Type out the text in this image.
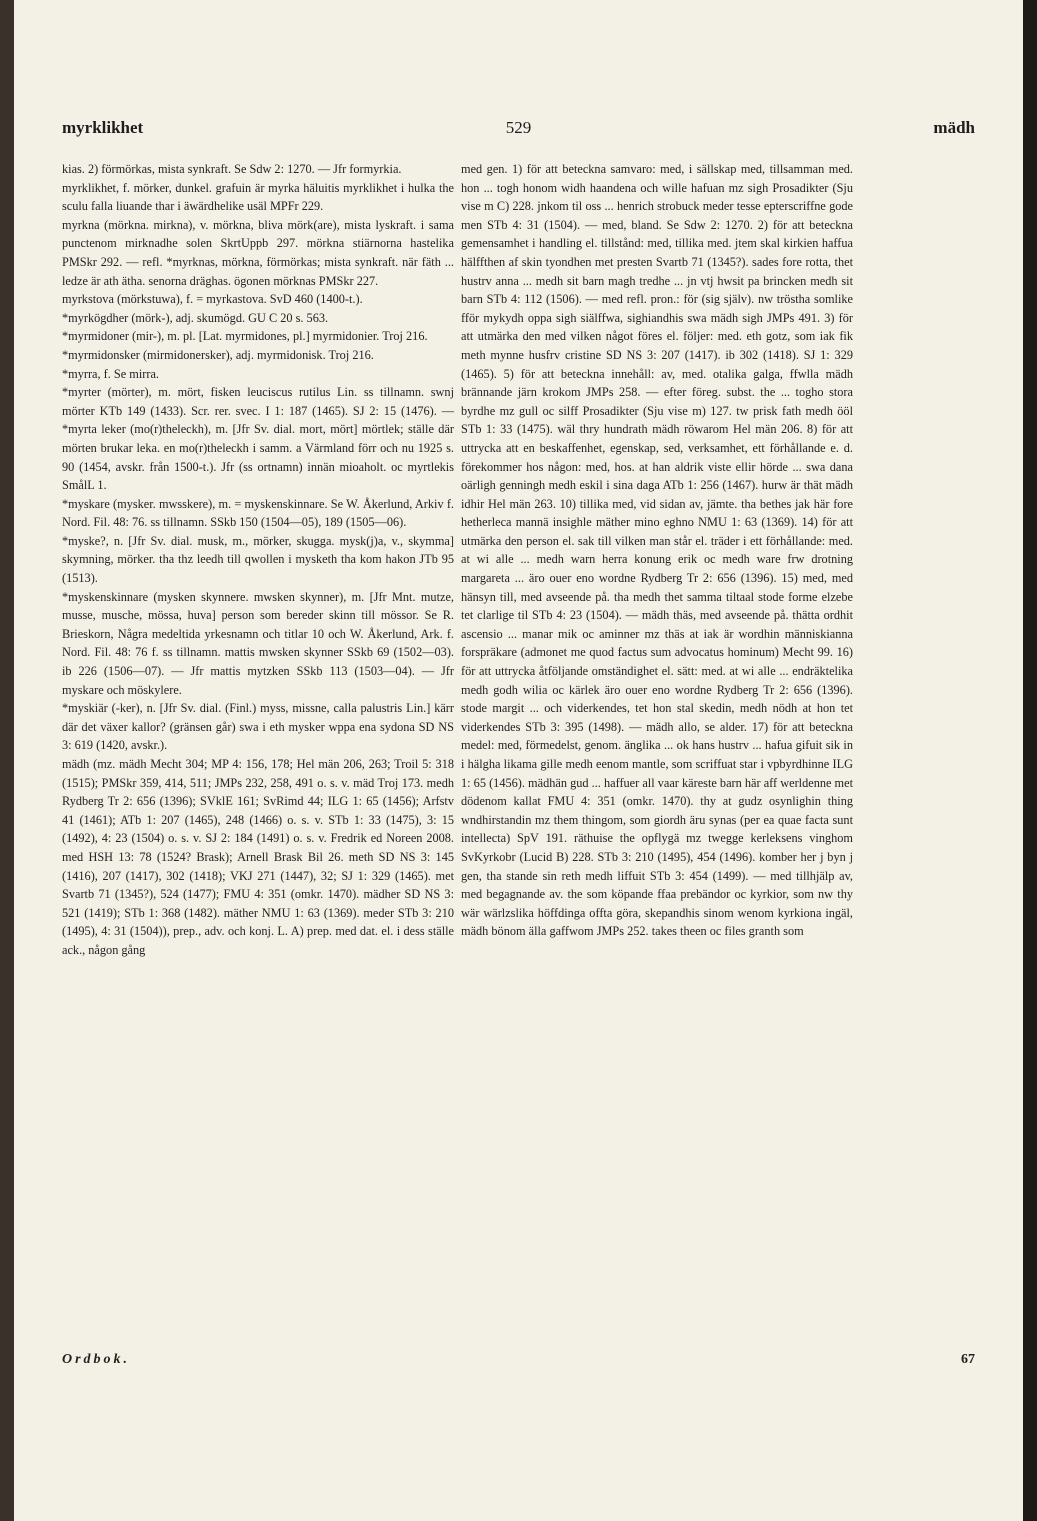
myrklikhet	529	mädh

kias. 2) förmörkas, mista synkraft. Se Sdw 2: 1270. — Jfr formyrkia.

myrklikhet, f. mörker, dunkel. grafuin är myrka häluitis myrklikhet i hulka the sculu falla liuande thar i äwärdhelike usäl MPFr 229.

myrkna (mörkna. mirkna), v. mörkna, bliva mörk(are), mista lyskraft. i sama punctenom mirknadhe solen SkrtUppb 297. mörkna stiärnorna hastelika PMSkr 292. — refl. *myrknas, mörkna, förmörkas; mista synkraft. när fäth ... ledze är ath ätha. senorna dräghas. ögonen mörknas PMSkr 227.

myrkstova (mörkstuwa), f. = myrkastova. SvD 460 (1400-t.).

*myrkögdher (mörk-), adj. skumögd. GU C 20 s. 563.

*myrmidoner (mir-), m. pl. [Lat. myrmidones, pl.] myrmidonier. Troj 216.

*myrmidonsker (mirmidonersker), adj. myrmidonisk. Troj 216.

*myrra, f. Se mirra.

*myrter (mörter), m. mört, fisken leuciscus rutilus Lin. ss tillnamn. swnj mörter KTb 149 (1433). Scr. rer. svec. I 1: 187 (1465). SJ 2: 15 (1476). — *myrta leker (mo(r)theleckh), m. [Jfr Sv. dial. mort, mört] mörtlek; ställe där mörten brukar leka. en mo(r)theleckh i samm. a Värmland förr och nu 1925 s. 90 (1454, avskr. från 1500-t.). Jfr (ss ortnamn) innän mioaholt. oc myrtlekis SmålL 1.

*myskare (mysker. mwsskere), m. = myskenskinnare. Se W. Åkerlund, Arkiv f. Nord. Fil. 48: 76. ss tillnamn. SSkb 150 (1504—05), 189 (1505—06).

*myske?, n. [Jfr Sv. dial. musk, m., mörker, skugga. mysk(j)a, v., skymma] skymning, mörker. tha thz leedh till qwollen i mysketh tha kom hakon JTb 95 (1513).

*myskenskinnare (mysken skynnere. mwsken skynner), m. [Jfr Mnt. mutze, musse, musche, mössa, huva] person som bereder skinn till mössor. Se R. Brieskorn, Några medeltida yrkesnamn och titlar 10 och W. Åkerlund, Ark. f. Nord. Fil. 48: 76 f. ss tillnamn. mattis mwsken skynner SSkb 69 (1502—03). ib 226 (1506—07). — Jfr mattis mytzken SSkb 113 (1503—04). — Jfr myskare och möskylere.

*myskiär (-ker), n. [Jfr Sv. dial. (Finl.) myss, missne, calla palustris Lin.] kärr där det växer kallor? (gränsen går) swa i eth mysker wppa ena sydona SD NS 3: 619 (1420, avskr.).

mädh (mz. mädh Mecht 304; MP 4: 156, 178; Hel män 206, 263; Troil 5: 318 (1515); PMSkr 359, 414, 511; JMPs 232, 258, 491 o. s. v. mäd Troj 173. medh Rydberg Tr 2: 656 (1396); SVklE 161; SvRimd 44; ILG 1: 65 (1456); Arfstv 41 (1461); ATb 1: 207 (1465), 248 (1466) o. s. v. STb 1: 33 (1475), 3: 15 (1492), 4: 23 (1504) o. s. v. SJ 2: 184 (1491) o. s. v. Fredrik ed Noreen 2008. med HSH 13: 78 (1524? Brask); Arnell Brask Bil 26. meth SD NS 3: 145 (1416), 207 (1417), 302 (1418); VKJ 271 (1447), 32; SJ 1: 329 (1465). met Svartb 71 (1345?), 524 (1477); FMU 4: 351 (omkr. 1470). mädher SD NS 3: 521 (1419); STb 1: 368 (1482). mäther NMU 1: 63 (1369). meder STb 3: 210 (1495), 4: 31 (1504)), prep., adv. och konj. L. A) prep. med dat. el. i dess ställe ack., någon gång

med gen. 1) för att beteckna samvaro: med, i sällskap med, tillsamman med. hon ... togh honom widh haandena och wille hafuan mz sigh Prosadikter (Sju vise m C) 228. jnkom til oss ... henrich strobuck meder tesse epterscriffne gode men STb 4: 31 (1504). — med, bland. Se Sdw 2: 1270. 2) för att beteckna gemensamhet i handling el. tillstånd: med, tillika med. jtem skal kirkien haffua hälffthen af skin tyondhen met presten Svartb 71 (1345?). sades fore rotta, thet hustrv anna ... medh sit barn magh tredhe ... jn vtj hwsit pa brincken medh sit barn STb 4: 112 (1506). — med refl. pron.: för (sig själv). nw tröstha somlike fför mykydh oppa sigh siälffwa, sighiandhis swa mädh sigh JMPs 491. 3) för att utmärka den med vilken något föres el. följer: med. eth gotz, som iak fik meth mynne husfrv cristine SD NS 3: 207 (1417). ib 302 (1418). SJ 1: 329 (1465). 5) för att beteckna innehåll: av, med. otalika galga, ffwlla mädh brännande järn krokom JMPs 258. — efter föreg. subst. the ... togho stora byrdhe mz gull oc silff Prosadikter (Sju vise m) 127. tw prisk fath medh ööl STb 1: 33 (1475). wäl thry hundrath mädh röwarom Hel män 206. 8) för att uttrycka att en beskaffenhet, egenskap, sed, verksamhet, ett förhållande e. d. förekommer hos någon: med, hos. at han aldrik viste ellir hörde ... swa dana oärligh genningh medh eskil i sina daga ATb 1: 256 (1467). hurw är thät mädh idhir Hel män 263. 10) tillika med, vid sidan av, jämte. tha bethes jak här fore hetherleca mannä insighle mäther mino eghno NMU 1: 63 (1369). 14) för att utmärka den person el. sak till vilken man står el. träder i ett förhållande: med. at wi alle ... medh warn herra konung erik oc medh ware frw drotning margareta ... äro ouer eno wordne Rydberg Tr 2: 656 (1396). 15) med, med hänsyn till, med avseende på. tha medh thet samma tiltaal stode forme elzebe tet clarlige til STb 4: 23 (1504). — mädh thäs, med avseende på. thätta ordhit ascensio ... manar mik oc aminner mz thäs at iak är wordhin människianna forspräkare (admonet me quod factus sum advocatus hominum) Mecht 99. 16) för att uttrycka åtföljande omständighet el. sätt: med. at wi alle ... endräktelika medh godh wilia oc kärlek äro ouer eno wordne Rydberg Tr 2: 656 (1396). stode margit ... och viderkendes, tet hon stal skedin, medh nödh at hon tet viderkendes STb 3: 395 (1498). — mädh allo, se alder. 17) för att beteckna medel: med, förmedelst, genom. änglika ... ok hans hustrv ... hafua gifuit sik in i hälgha likama gille medh eenom mantle, som scriffuat star i vpbyrdhinne ILG 1: 65 (1456). mädhän gud ... haffuer all vaar käreste barn här aff werldenne met dödenom kallat FMU 4: 351 (omkr. 1470). thy at gudz osynlighin thing wndhirstandin mz them thingom, som giordh äru synas (per ea quae facta sunt intellecta) SpV 191. räthuise the opflygä mz twegge kerleksens vinghom SvKyrkobr (Lucid B) 228. STb 3: 210 (1495), 454 (1496). komber her j byn j gen, tha stande sin reth medh liffuit STb 3: 454 (1499). — med tillhjälp av, med begagnande av. the som köpande ffaa prebändor oc kyrkior, som nw thy wär wärlzslika höffdinga offta göra, skepandhis sinom wenom kyrkiona ingäl, mädh bönom älla gaffwom JMPs 252. takes theen oc files granth som

Ordbok.	67
